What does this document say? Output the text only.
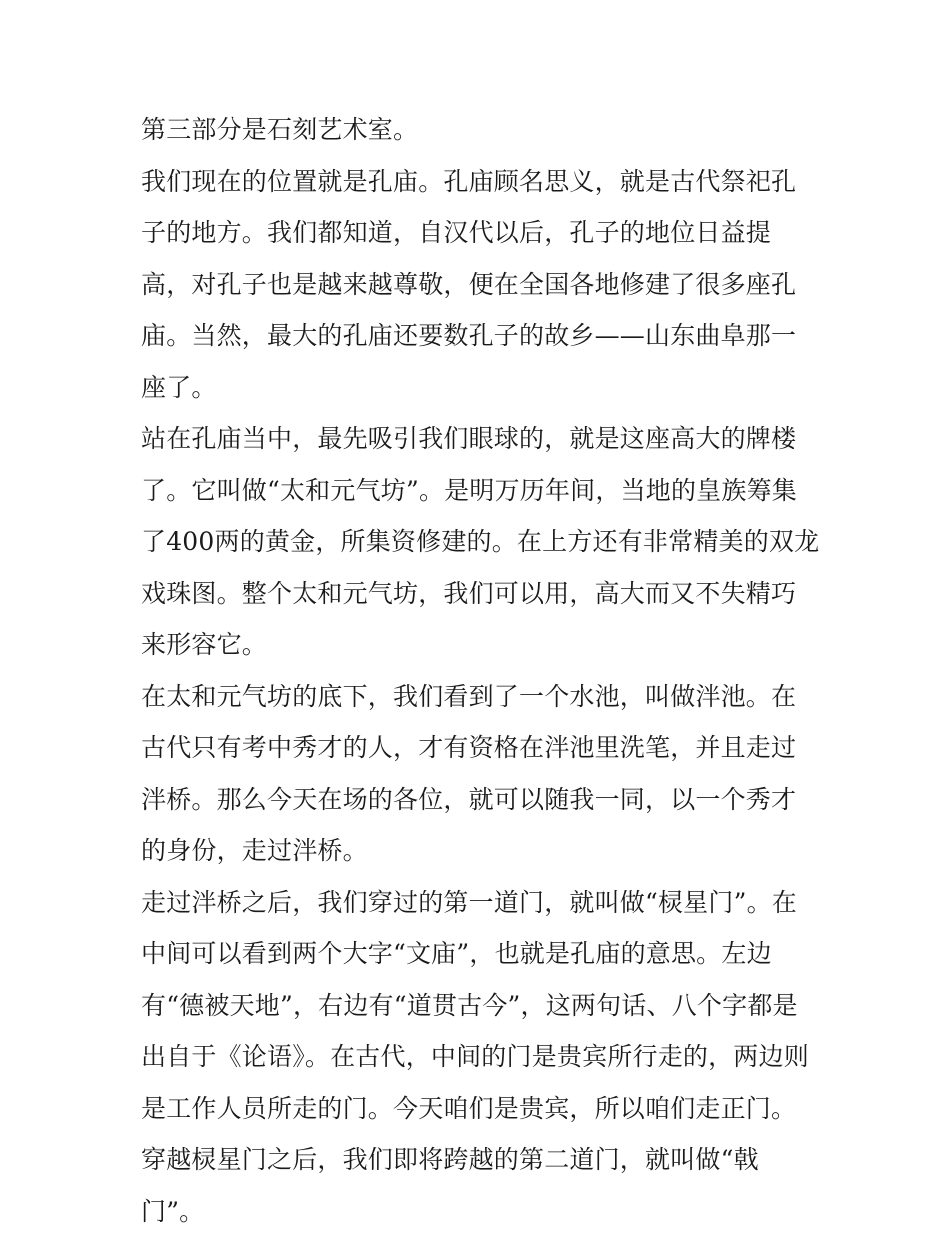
第三部分是石刻艺术室。

我们现在的位置就是孔庙。孔庙顾名思义，就是古代祭祀孔子的地方。我们都知道，自汉代以后，孔子的地位日益提高，对孔子也是越来越尊敬，便在全国各地修建了很多座孔庙。当然，最大的孔庙还要数孔子的故乡——山东曲阜那一座了。

站在孔庙当中，最先吸引我们眼球的，就是这座高大的牌楼了。它叫做“太和元气坊”。是明万历年间，当地的皇族筹集了400两的黄金，所集资修建的。在上方还有非常精美的双龙戏珠图。整个太和元气坊，我们可以用，高大而又不失精巧来形容它。

在太和元气坊的底下，我们看到了一个水池，叫做泮池。在古代只有考中秀才的人，才有资格在泮池里洗笔，并且走过泮桥。那么今天在场的各位，就可以随我一同，以一个秀才的身份，走过泮桥。

走过泮桥之后，我们穿过的第一道门，就叫做“棂星门”。在中间可以看到两个大字“文庙”，也就是孔庙的意思。左边有“德被天地”，右边有“道贯古今”，这两句话、八个字都是出自于《论语》。在古代，中间的门是贵宾所行走的，两边则是工作人员所走的门。今天咱们是贵宾，所以咱们走正门。

穿越棂星门之后，我们即将跨越的第二道门，就叫做“戟门”。
